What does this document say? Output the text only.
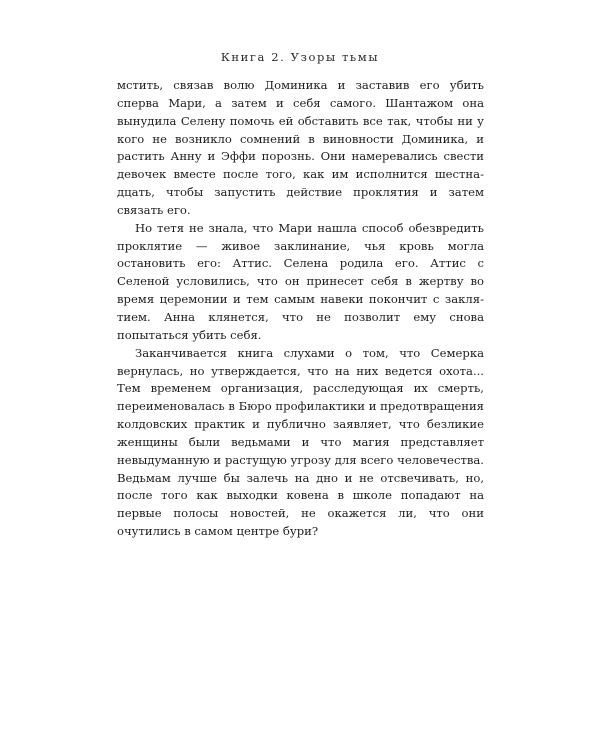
Книга 2. Узоры тьмы

мстить, связав волю Доминика и заставив его убить сперва Мари, а затем и себя самого. Шантажом она вынудила Селену помочь ей обставить все так, чтобы ни у кого не возникло сомнений в виновности Доминика, и растить Анну и Эффи порознь. Они намеревались свести девочек вместе после того, как им исполнится шестнадцать, чтобы запустить действие проклятия и затем связать его.

Но тетя не знала, что Мари нашла способ обезвредить проклятие — живое заклинание, чья кровь могла остановить его: Аттис. Селена родила его. Аттис с Селеной условились, что он принесет себя в жертву во время церемонии и тем самым навеки покончит с заклятием. Анна клянется, что не позволит ему снова попытаться убить себя.

Заканчивается книга слухами о том, что Семерка вернулась, но утверждается, что на них ведется охота... Тем временем организация, расследующая их смерть, переименовалась в Бюро профилактики и предотвращения колдовских практик и публично заявляет, что безликие женщины были ведьмами и что магия представляет невыдуманную и растущую угрозу для всего человечества. Ведьмам лучше бы залечь на дно и не отсвечивать, но, после того как выходки ковена в школе попадают на первые полосы новостей, не окажется ли, что они очутились в самом центре бури?
